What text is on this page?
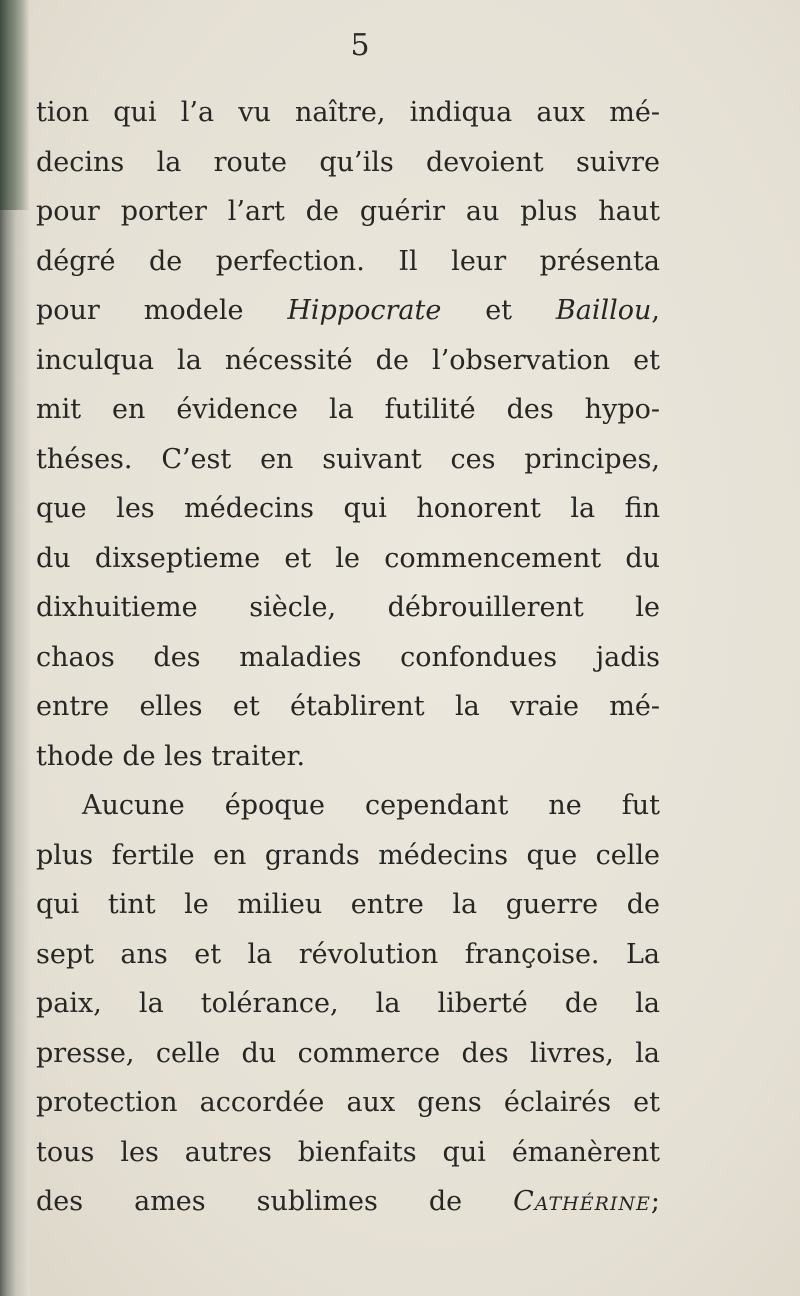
5
tion qui l’a vu naître, indiqua aux mé-
decins la route qu’ils devoient suivre
pour porter l’art de guérir au plus haut
dégré de perfection. Il leur présenta
pour modele Hippocrate et Baillou,
inculqua la nécessité de l’observation et
mit en évidence la futilité des hypo-
théses. C’est en suivant ces principes,
que les médecins qui honorent la fin
du dixseptieme et le commencement du
dixhuitieme siècle, débrouillerent le
chaos des maladies confondues jadis
entre elles et établirent la vraie mé-
thode de les traiter.
Aucune époque cependant ne fut
plus fertile en grands médecins que celle
qui tint le milieu entre la guerre de
sept ans et la révolution françoise. La
paix, la tolérance, la liberté de la
presse, celle du commerce des livres, la
protection accordée aux gens éclairés et
tous les autres bienfaits qui émanèrent
des ames sublimes de Cathérine;
